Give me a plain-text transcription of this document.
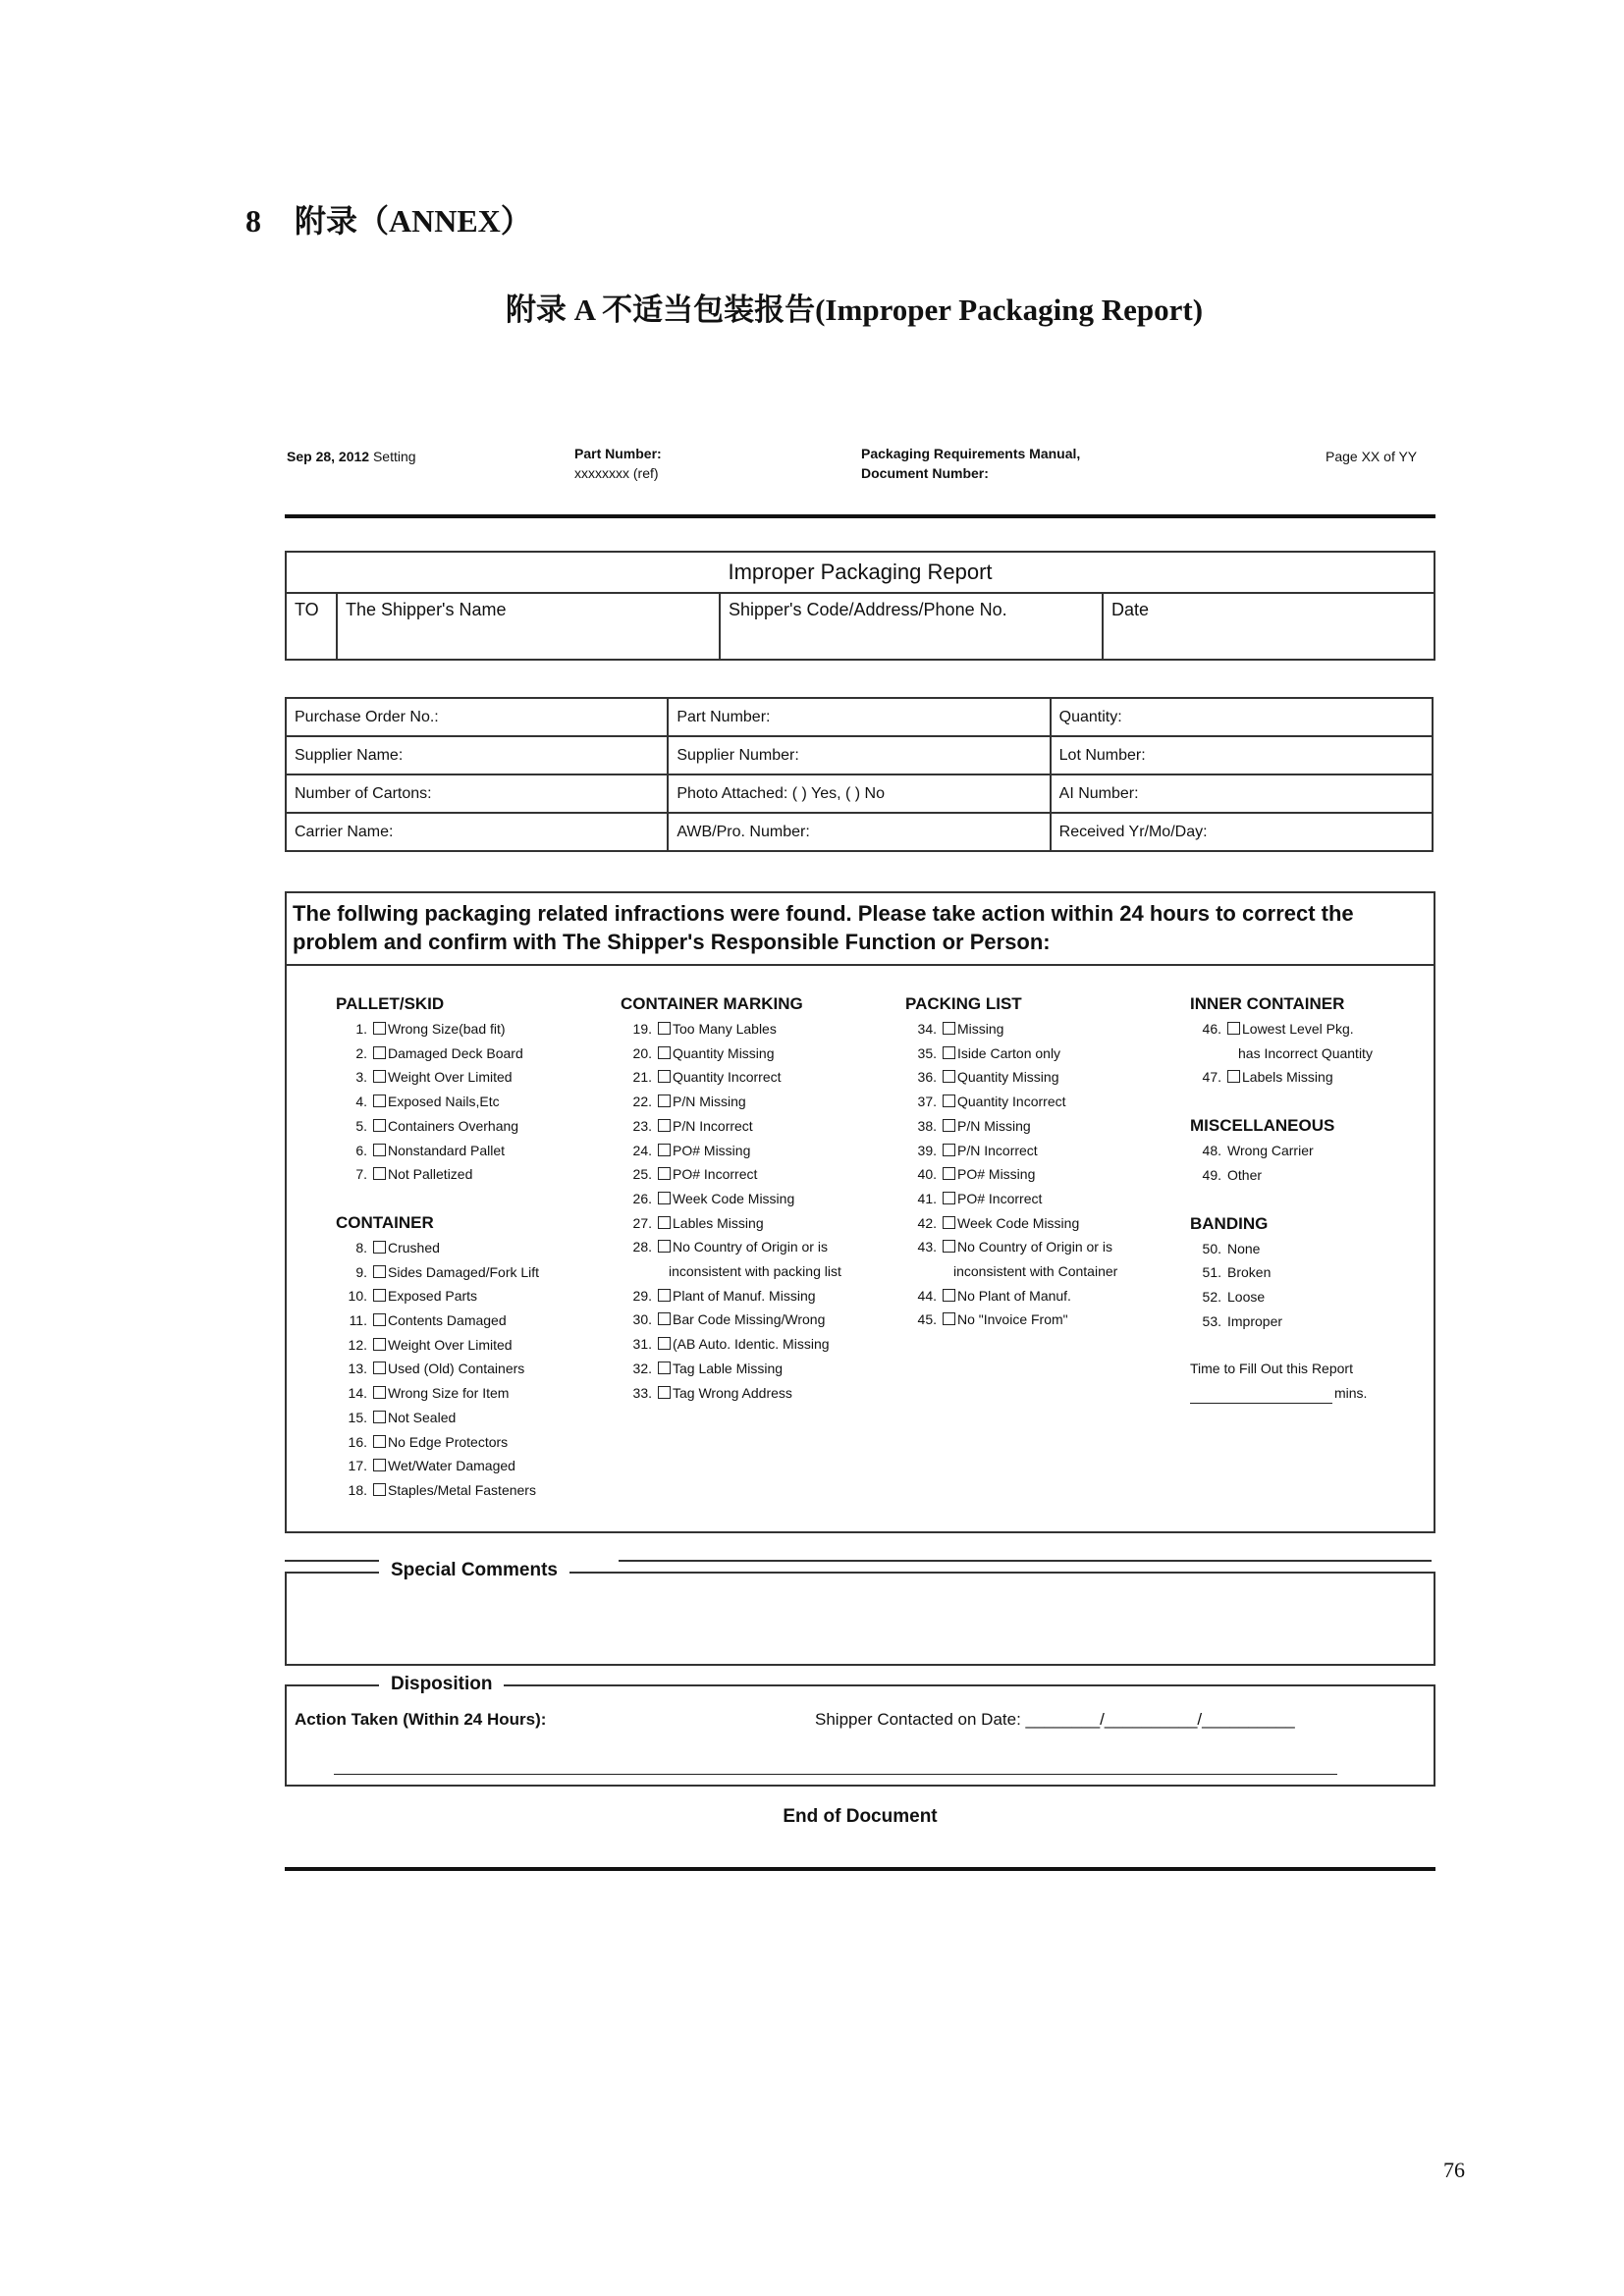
8 附录（ANNEX）
附录 A 不适当包装报告(Improper Packaging Report)
Sep 28, 2012 Setting	Part Number:
xxxxxxxx (ref)
Packaging Requirements Manual,
Document Number:
Page XX of YY
Improper Packaging Report
TO	The Shipper's Name	Shipper's Code/Address/Phone No.	Date
Purchase Order No.:	Part Number:	Quantity:
Supplier Name:	Supplier Number:	Lot Number:
Number of Cartons:	Photo Attached: ( ) Yes, ( ) No	AI Number:
Carrier Name:	AWB/Pro. Number:	Received Yr/Mo/Day:
The follwing packaging related infractions were found. Please take action within 24 hours to correct the problem and confirm with The Shipper's Responsible Function or Person:
PALLET/SKID
1. Wrong Size(bad fit)
2. Damaged Deck Board
3. Weight Over Limited
4. Exposed Nails,Etc
5. Containers Overhang
6. Nonstandard Pallet
7. Not Palletized
CONTAINER
8. Crushed
9. Sides Damaged/Fork Lift
10. Exposed Parts
11. Contents Damaged
12. Weight Over Limited
13. Used (Old) Containers
14. Wrong Size for Item
15. Not Sealed
16. No Edge Protectors
17. Wet/Water Damaged
18. Staples/Metal Fasteners
CONTAINER MARKING
19. Too Many Lables
20. Quantity Missing
21. Quantity Incorrect
22. P/N Missing
23. P/N Incorrect
24. PO# Missing
25. PO# Incorrect
26. Week Code Missing
27. Lables Missing
28. No Country of Origin or is
inconsistent with packing list
29. Plant of Manuf. Missing
30. Bar Code Missing/Wrong
31. (AB Auto. Identic. Missing
32. Tag Lable Missing
33. Tag Wrong Address
PACKING LIST
34. Missing
35. Iside Carton only
36. Quantity Missing
37. Quantity Incorrect
38. P/N Missing
39. P/N Incorrect
40. PO# Missing
41. PO# Incorrect
42. Week Code Missing
43. No Country of Origin or is
inconsistent with Container
44. No Plant of Manuf.
45. No "Invoice From"
INNER CONTAINER
46. Lowest Level Pkg.
has Incorrect Quantity
47. Labels Missing
MISCELLANEOUS
48. Wrong Carrier
49. Other
BANDING
50. None
51. Broken
52. Loose
53. Improper
Time to Fill Out this Report
mins.
Special Comments
Action Taken (Within 24 Hours):	Shipper Contacted on Date: ________/__________/__________
Disposition
End of Document
76
